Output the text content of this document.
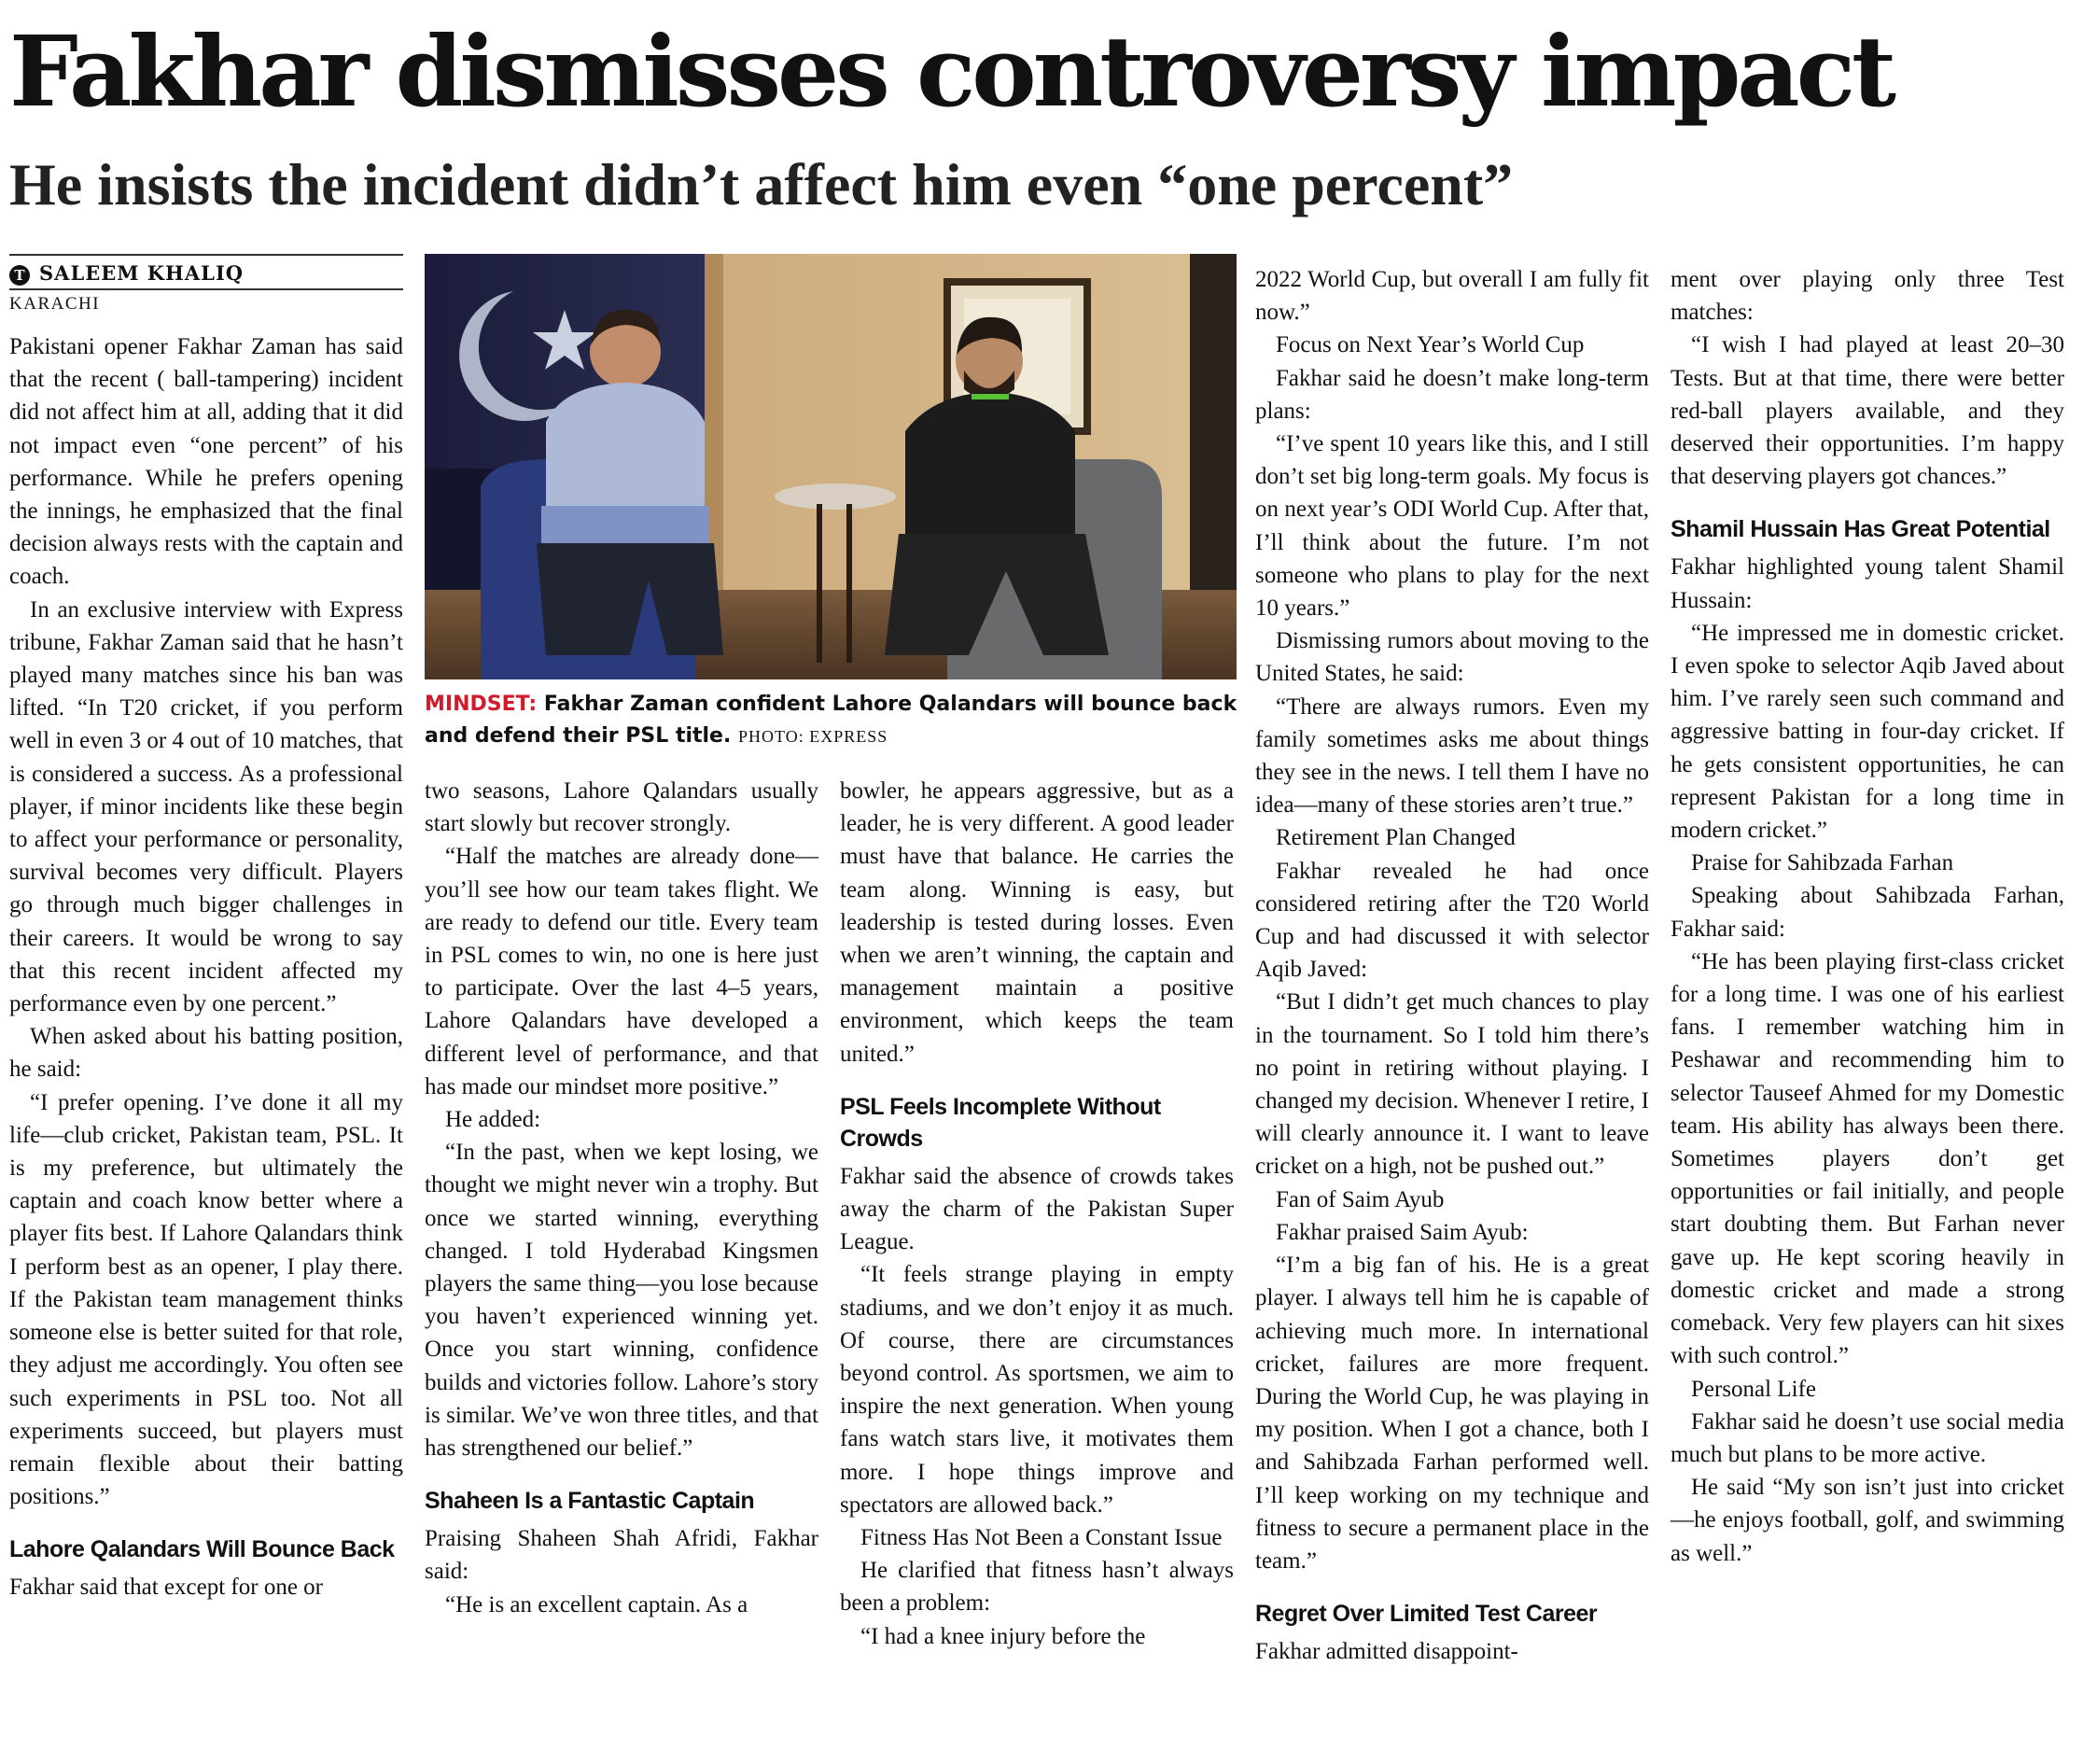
Fakhar dismisses controversy impact
He insists the incident didn’t affect him even “one percent”
T SALEEM KHALIQ
KARACHI

Pakistani opener Fakhar Zaman has said that the recent ( ball-tampering) incident did not affect him at all, adding that it did not impact even “one percent” of his performance. While he prefers opening the innings, he emphasized that the final decision always rests with the captain and coach.

In an exclusive interview with Express tribune, Fakhar Zaman said that he hasn’t played many matches since his ban was lifted. “In T20 cricket, if you perform well in even 3 or 4 out of 10 matches, that is considered a success. As a professional player, if minor incidents like these begin to affect your performance or personality, survival becomes very difficult. Players go through much bigger challenges in their careers. It would be wrong to say that this recent incident affected my performance even by one percent.”

When asked about his batting position, he said:

“I prefer opening. I’ve done it all my life—club cricket, Pakistan team, PSL. It is my preference, but ultimately the captain and coach know better where a player fits best. If Lahore Qalandars think I perform best as an opener, I play there. If the Pakistan team management thinks someone else is better suited for that role, they adjust me accordingly. You often see such experiments in PSL too. Not all experiments succeed, but players must remain flexible about their batting positions.”

Lahore Qalandars Will Bounce Back

Fakhar said that except for one or

MINDSET: Fakhar Zaman confident Lahore Qalandars will bounce back and defend their PSL title. PHOTO: EXPRESS

two seasons, Lahore Qalandars usually start slowly but recover strongly.

“Half the matches are already done—you’ll see how our team takes flight. We are ready to defend our title. Every team in PSL comes to win, no one is here just to participate. Over the last 4–5 years, Lahore Qalandars have developed a different level of performance, and that has made our mindset more positive.”

He added:

“In the past, when we kept losing, we thought we might never win a trophy. But once we started winning, everything changed. I told Hyderabad Kingsmen players the same thing—you lose because you haven’t experienced winning yet. Once you start winning, confidence builds and victories follow. Lahore’s story is similar. We’ve won three titles, and that has strengthened our belief.”

Shaheen Is a Fantastic Captain

Praising Shaheen Shah Afridi, Fakhar said:

“He is an excellent captain. As a

bowler, he appears aggressive, but as a leader, he is very different. A good leader must have that balance. He carries the team along. Winning is easy, but leadership is tested during losses. Even when we aren’t winning, the captain and management maintain a positive environment, which keeps the team united.”

PSL Feels Incomplete Without Crowds

Fakhar said the absence of crowds takes away the charm of the Pakistan Super League.

“It feels strange playing in empty stadiums, and we don’t enjoy it as much. Of course, there are circumstances beyond control. As sportsmen, we aim to inspire the next generation. When young fans watch stars live, it motivates them more. I hope things improve and spectators are allowed back.”

Fitness Has Not Been a Constant Issue

He clarified that fitness hasn’t always been a problem:

“I had a knee injury before the

2022 World Cup, but overall I am fully fit now.”

Focus on Next Year’s World Cup

Fakhar said he doesn’t make long-term plans:

“I’ve spent 10 years like this, and I still don’t set big long-term goals. My focus is on next year’s ODI World Cup. After that, I’ll think about the future. I’m not someone who plans to play for the next 10 years.”

Dismissing rumors about moving to the United States, he said:

“There are always rumors. Even my family sometimes asks me about things they see in the news. I tell them I have no idea—many of these stories aren’t true.”

Retirement Plan Changed

Fakhar revealed he had once considered retiring after the T20 World Cup and had discussed it with selector Aqib Javed:

“But I didn’t get much chances to play in the tournament. So I told him there’s no point in retiring without playing. I changed my decision. Whenever I retire, I will clearly announce it. I want to leave cricket on a high, not be pushed out.”

Fan of Saim Ayub

Fakhar praised Saim Ayub:

“I’m a big fan of his. He is a great player. I always tell him he is capable of achieving much more. In international cricket, failures are more frequent. During the World Cup, he was playing in my position. When I got a chance, both I and Sahibzada Farhan performed well. I’ll keep working on my technique and fitness to secure a permanent place in the team.”

Regret Over Limited Test Career

Fakhar admitted disappoint-

ment over playing only three Test matches:

“I wish I had played at least 20–30 Tests. But at that time, there were better red-ball players available, and they deserved their opportunities. I’m happy that deserving players got chances.”

Shamil Hussain Has Great Potential

Fakhar highlighted young talent Shamil Hussain:

“He impressed me in domestic cricket. I even spoke to selector Aqib Javed about him. I’ve rarely seen such command and aggressive batting in four-day cricket. If he gets consistent opportunities, he can represent Pakistan for a long time in modern cricket.”

Praise for Sahibzada Farhan

Speaking about Sahibzada Farhan, Fakhar said:

“He has been playing first-class cricket for a long time. I was one of his earliest fans. I remember watching him in Peshawar and recommending him to selector Tauseef Ahmed for my Domestic team. His ability has always been there. Sometimes players don’t get opportunities or fail initially, and people start doubting them. But Farhan never gave up. He kept scoring heavily in domestic cricket and made a strong comeback. Very few players can hit sixes with such control.”

Personal Life

Fakhar said he doesn’t use social media much but plans to be more active.

He said “My son isn’t just into cricket—he enjoys football, golf, and swimming as well.”
